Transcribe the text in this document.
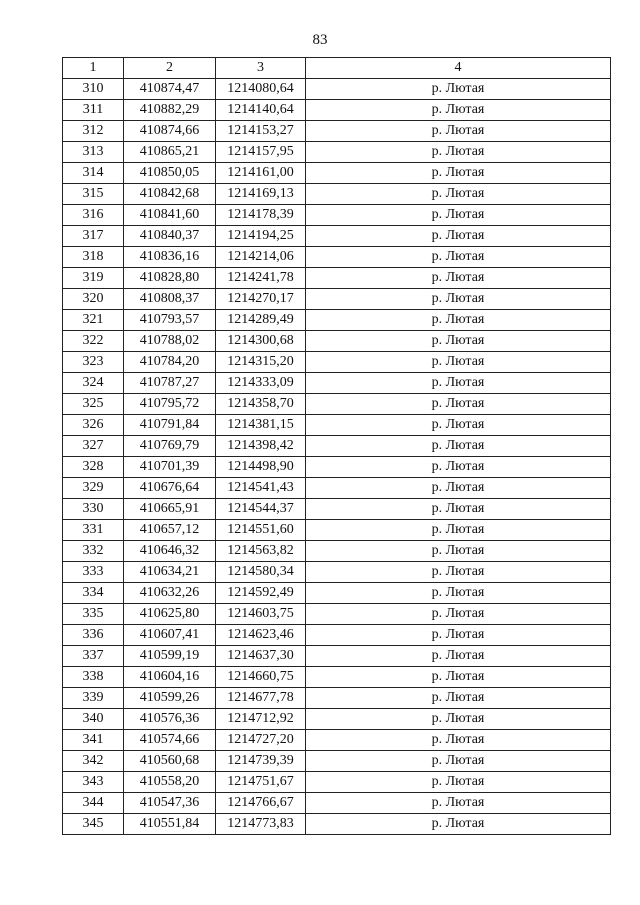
83
1	2	3	4
310	410874,47	1214080,64	р. Лютая
311	410882,29	1214140,64	р. Лютая
312	410874,66	1214153,27	р. Лютая
313	410865,21	1214157,95	р. Лютая
314	410850,05	1214161,00	р. Лютая
315	410842,68	1214169,13	р. Лютая
316	410841,60	1214178,39	р. Лютая
317	410840,37	1214194,25	р. Лютая
318	410836,16	1214214,06	р. Лютая
319	410828,80	1214241,78	р. Лютая
320	410808,37	1214270,17	р. Лютая
321	410793,57	1214289,49	р. Лютая
322	410788,02	1214300,68	р. Лютая
323	410784,20	1214315,20	р. Лютая
324	410787,27	1214333,09	р. Лютая
325	410795,72	1214358,70	р. Лютая
326	410791,84	1214381,15	р. Лютая
327	410769,79	1214398,42	р. Лютая
328	410701,39	1214498,90	р. Лютая
329	410676,64	1214541,43	р. Лютая
330	410665,91	1214544,37	р. Лютая
331	410657,12	1214551,60	р. Лютая
332	410646,32	1214563,82	р. Лютая
333	410634,21	1214580,34	р. Лютая
334	410632,26	1214592,49	р. Лютая
335	410625,80	1214603,75	р. Лютая
336	410607,41	1214623,46	р. Лютая
337	410599,19	1214637,30	р. Лютая
338	410604,16	1214660,75	р. Лютая
339	410599,26	1214677,78	р. Лютая
340	410576,36	1214712,92	р. Лютая
341	410574,66	1214727,20	р. Лютая
342	410560,68	1214739,39	р. Лютая
343	410558,20	1214751,67	р. Лютая
344	410547,36	1214766,67	р. Лютая
345	410551,84	1214773,83	р. Лютая
